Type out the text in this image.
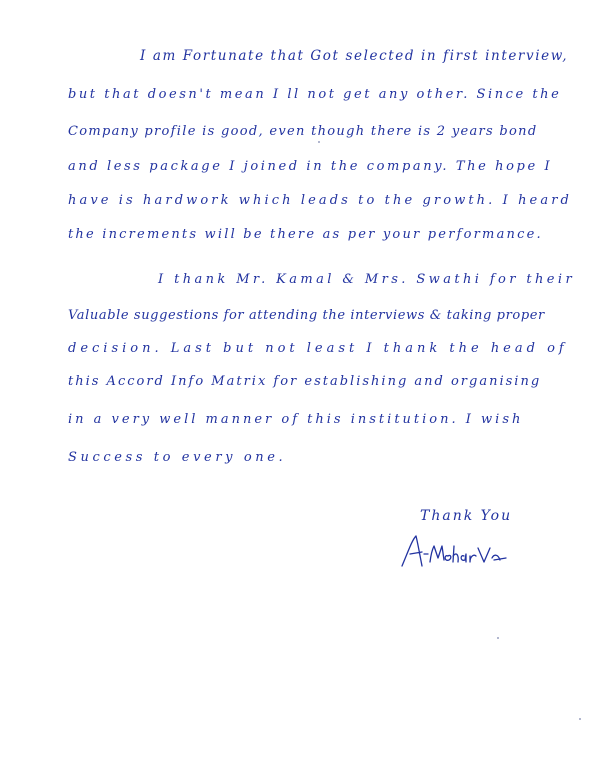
I am Fortunate that Got selected in first interview,
but that doesn't mean I ll not get any other. Since the
Company profile is good, even though there is 2 years bond
and less package I joined in the company. The hope I
have is hardwork which leads to the growth. I heard
the increments will be there as per your performance.
I thank Mr. Kamal & Mrs. Swathi for their
Valuable suggestions for attending the interviews & taking proper
decision. Last but not least I thank the head of
this Accord Info Matrix for establishing and organising
in a very well manner of this institution. I wish
Success to every one.
Thank You
